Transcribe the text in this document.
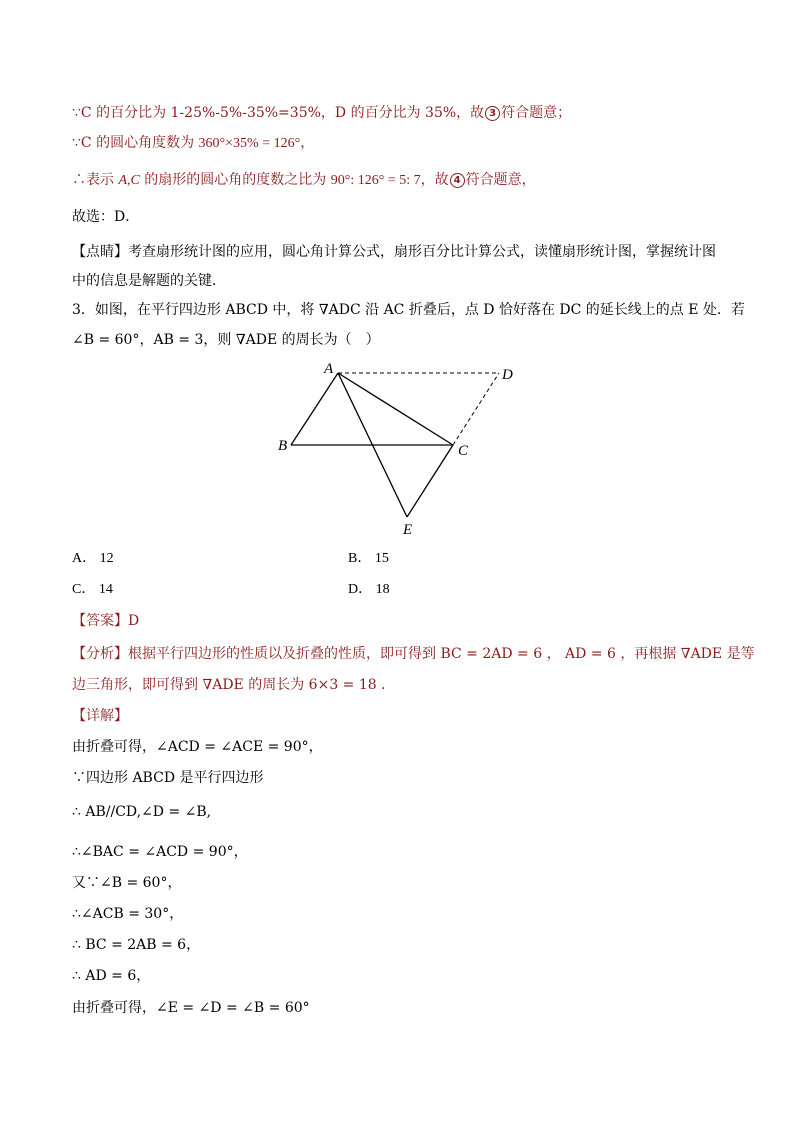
∵C 的百分比为 1-25%-5%-35%=35%，D 的百分比为 35%，故 3 符合题意；
∵C 的圆心角度数为 360°×35% = 126°，
∴表示 A,C 的扇形的圆心角的度数之比为 90°: 126° = 5: 7，故 4 符合题意，
故选：D．
【点睛】考查扇形统计图的应用，圆心角计算公式，扇形百分比计算公式，读懂扇形统计图，掌握统计图中的信息是解题的关键．
3．如图，在平行四边形 ABCD 中，将 ∇ADC 沿 AC 折叠后，点 D 恰好落在 DC 的延长线上的点 E 处．若
∠B = 60°，AB = 3，则 ∇ADE 的周长为（　）
A
B	C
D
E
A． 12	B． 15
C． 14	D． 18
【答案】D
【分析】根据平行四边形的性质以及折叠的性质，即可得到 BC = 2AD = 6 ， AD = 6 ，再根据 ∇ADE 是等
边三角形，即可得到 ∇ADE 的周长为 6×3 = 18 ．
【详解】
由折叠可得，∠ACD = ∠ACE = 90°，
∵四边形 ABCD 是平行四边形
∴ AB//CD,∠D = ∠B,
∴∠BAC = ∠ACD = 90°，
又∵∠B = 60°，
∴∠ACB = 30°，
∴ BC = 2AB = 6，
∴ AD = 6，
由折叠可得，∠E = ∠D = ∠B = 60°
